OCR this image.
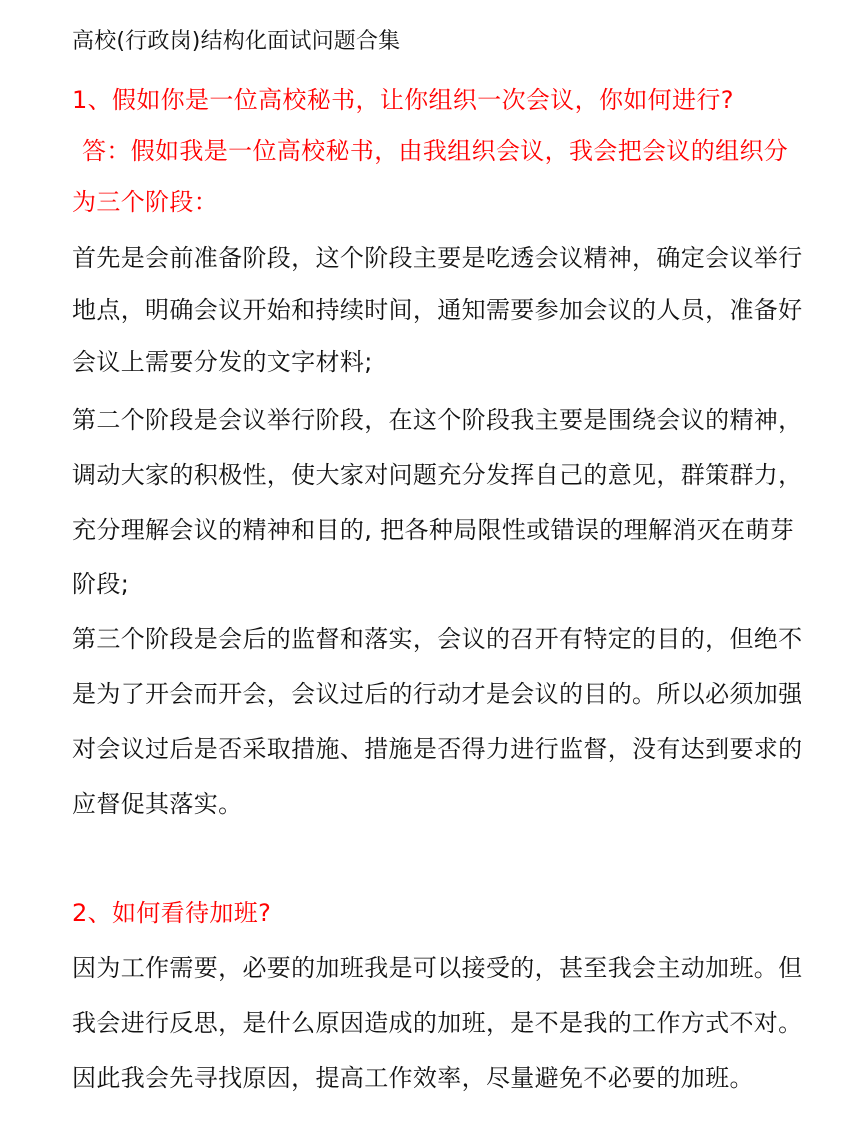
高校(行政岗)结构化面试问题合集
1、假如你是一位高校秘书，让你组织一次会议，你如何进行?
答：假如我是一位高校秘书，由我组织会议，我会把会议的组织分
为三个阶段：
首先是会前准备阶段，这个阶段主要是吃透会议精神，确定会议举行
地点，明确会议开始和持续时间，通知需要参加会议的人员，准备好
会议上需要分发的文字材料;
第二个阶段是会议举行阶段，在这个阶段我主要是围绕会议的精神，
调动大家的积极性，使大家对问题充分发挥自己的意见，群策群力，
充分理解会议的精神和目的, 把各种局限性或错误的理解消灭在萌芽
阶段;
第三个阶段是会后的监督和落实，会议的召开有特定的目的，但绝不
是为了开会而开会，会议过后的行动才是会议的目的。所以必须加强
对会议过后是否采取措施、措施是否得力进行监督，没有达到要求的
应督促其落实。
2、如何看待加班?
因为工作需要，必要的加班我是可以接受的，甚至我会主动加班。但
我会进行反思，是什么原因造成的加班，是不是我的工作方式不对。
因此我会先寻找原因，提高工作效率，尽量避免不必要的加班。
